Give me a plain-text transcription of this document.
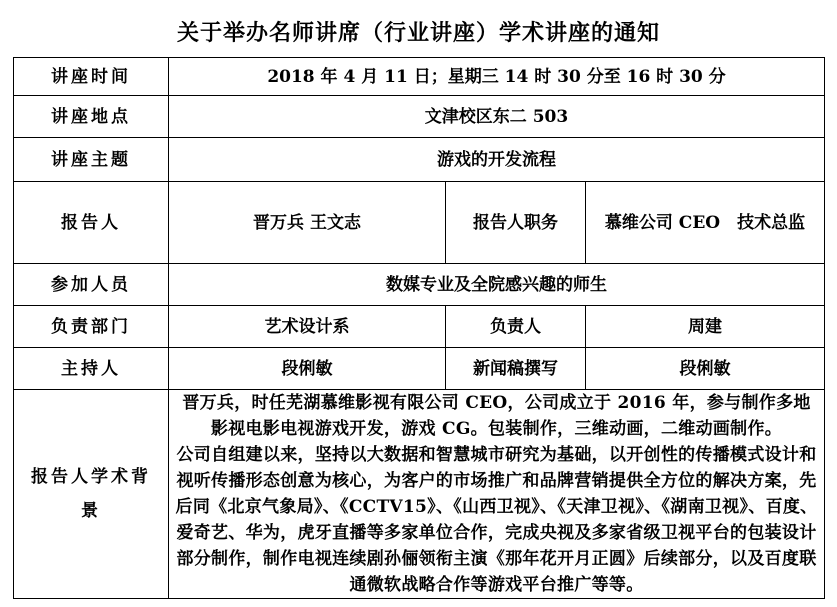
关于举办名师讲席（行业讲座）学术讲座的通知
讲座时间	2018 年 4 月 11 日；星期三 14 时 30 分至 16 时 30 分		
讲座地点	文津校区东二 503		
讲座主题	游戏的开发流程		
报告人	晋万兵 王文志	报告人职务	慕维公司 CEO　技术总监
参加人员	数媒专业及全院感兴趣的师生		
负责部门	艺术设计系	负责人	周建
主持人	段俐敏	新闻稿撰写	段俐敏
报告人学术背景	晋万兵，时任芜湖慕维影视有限公司 CEO，公司成立于 2016 年，参与制作多地影视电影电视游戏开发，游戏 CG。包装制作，三维动画，二维动画制作。

公司自组建以来，坚持以大数据和智慧城市研究为基础，以开创性的传播模式设计和视听传播形态创意为核心，为客户的市场推广和品牌营销提供全方位的解决方案，先后同《北京气象局》、《CCTV15》、《山西卫视》、《天津卫视》、《湖南卫视》、百度、爱奇艺、华为，虎牙直播等多家单位合作，完成央视及多家省级卫视平台的包装设计部分制作，制作电视连续剧孙俪领衔主演《那年花开月正圆》后续部分，以及百度联通微软战略合作等游戏平台推广等等。		
